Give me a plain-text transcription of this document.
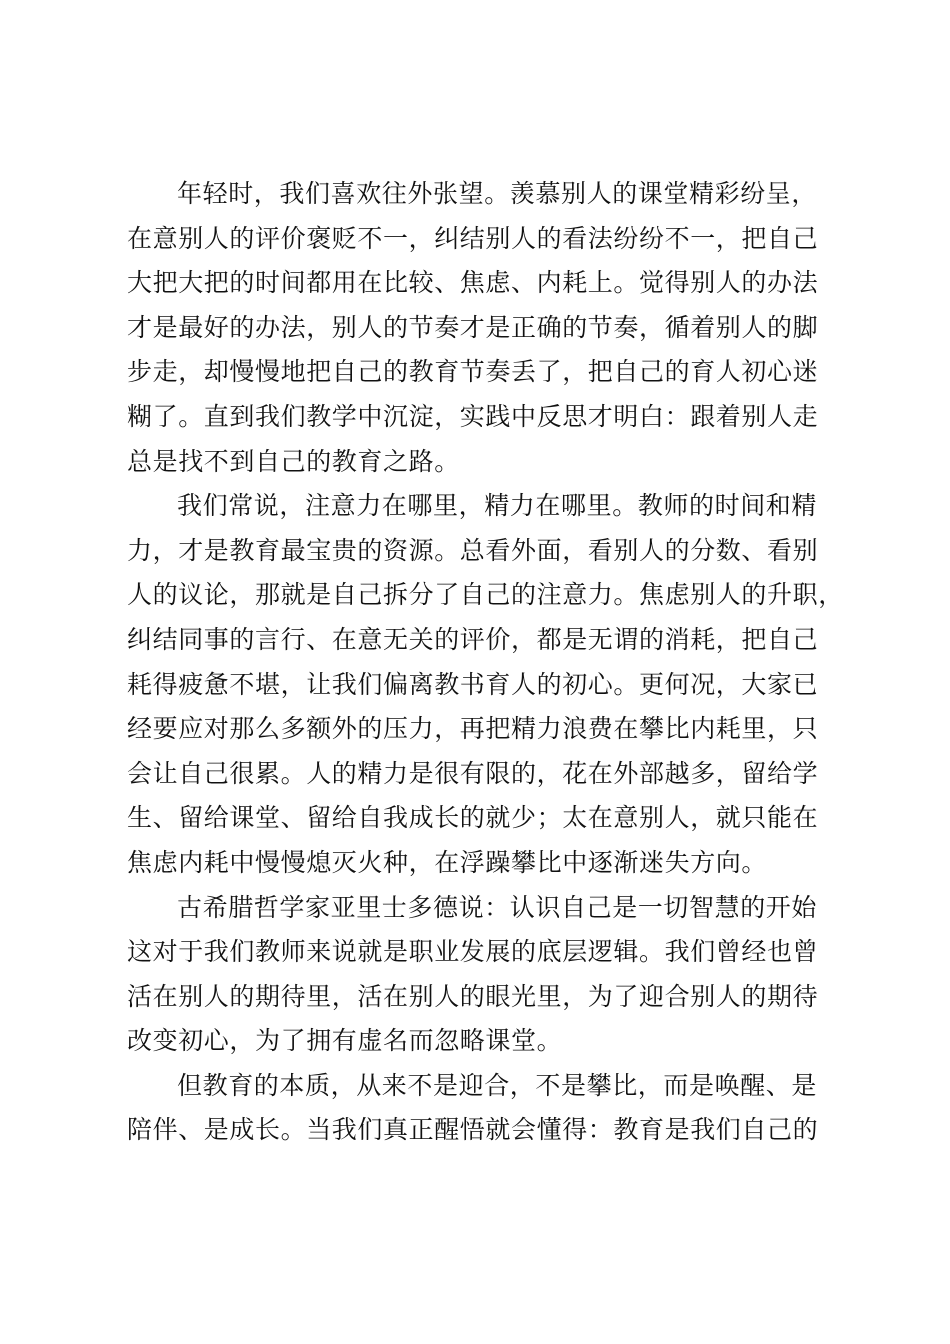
年轻时，我们喜欢往外张望。羡慕别人的课堂精彩纷呈，
在意别人的评价褒贬不一，纠结别人的看法纷纷不一，把自己
大把大把的时间都用在比较、焦虑、内耗上。觉得别人的办法
才是最好的办法，别人的节奏才是正确的节奏，循着别人的脚
步走，却慢慢地把自己的教育节奏丢了，把自己的育人初心迷
糊了。直到我们教学中沉淀，实践中反思才明白：跟着别人走
总是找不到自己的教育之路。

我们常说，注意力在哪里，精力在哪里。教师的时间和精
力，才是教育最宝贵的资源。总看外面，看别人的分数、看别
人的议论，那就是自己拆分了自己的注意力。焦虑别人的升职，
纠结同事的言行、在意无关的评价，都是无谓的消耗，把自己
耗得疲惫不堪，让我们偏离教书育人的初心。更何况，大家已
经要应对那么多额外的压力，再把精力浪费在攀比内耗里，只
会让自己很累。人的精力是很有限的，花在外部越多，留给学
生、留给课堂、留给自我成长的就少；太在意别人，就只能在
焦虑内耗中慢慢熄灭火种，在浮躁攀比中逐渐迷失方向。

古希腊哲学家亚里士多德说：认识自己是一切智慧的开始
这对于我们教师来说就是职业发展的底层逻辑。我们曾经也曾
活在别人的期待里，活在别人的眼光里，为了迎合别人的期待
改变初心，为了拥有虚名而忽略课堂。

但教育的本质，从来不是迎合，不是攀比，而是唤醒、是
陪伴、是成长。当我们真正醒悟就会懂得：教育是我们自己的
